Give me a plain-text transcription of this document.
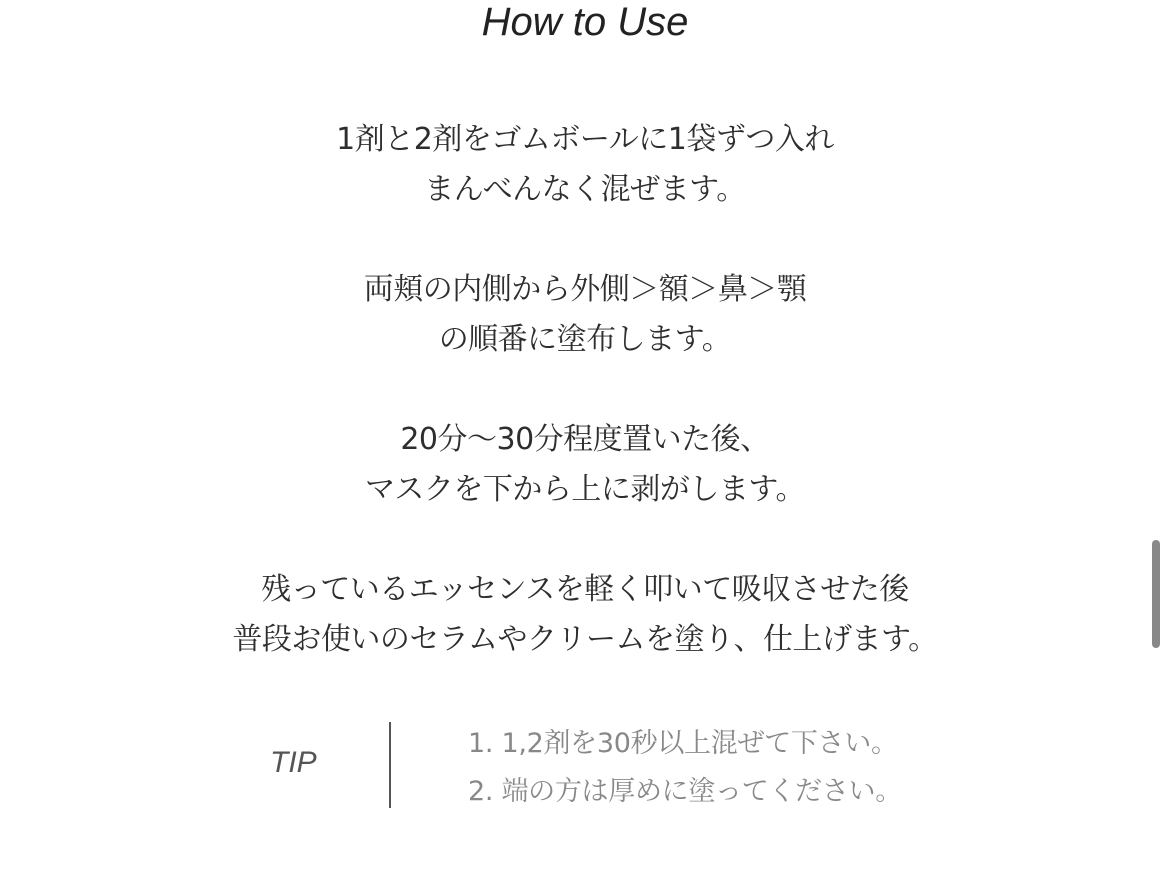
How to Use

1剤と2剤をゴムボールに1袋ずつ入れ

まんべんなく混ぜます。

両頬の内側から外側＞額＞鼻＞顎

の順番に塗布します。

20分～30分程度置いた後、

マスクを下から上に剥がします。

残っているエッセンスを軽く叩いて吸収させた後

普段お使いのセラムやクリームを塗り、仕上げます。

TIP

1. 1,2剤を30秒以上混ぜて下さい。

2. 端の方は厚めに塗ってください。
